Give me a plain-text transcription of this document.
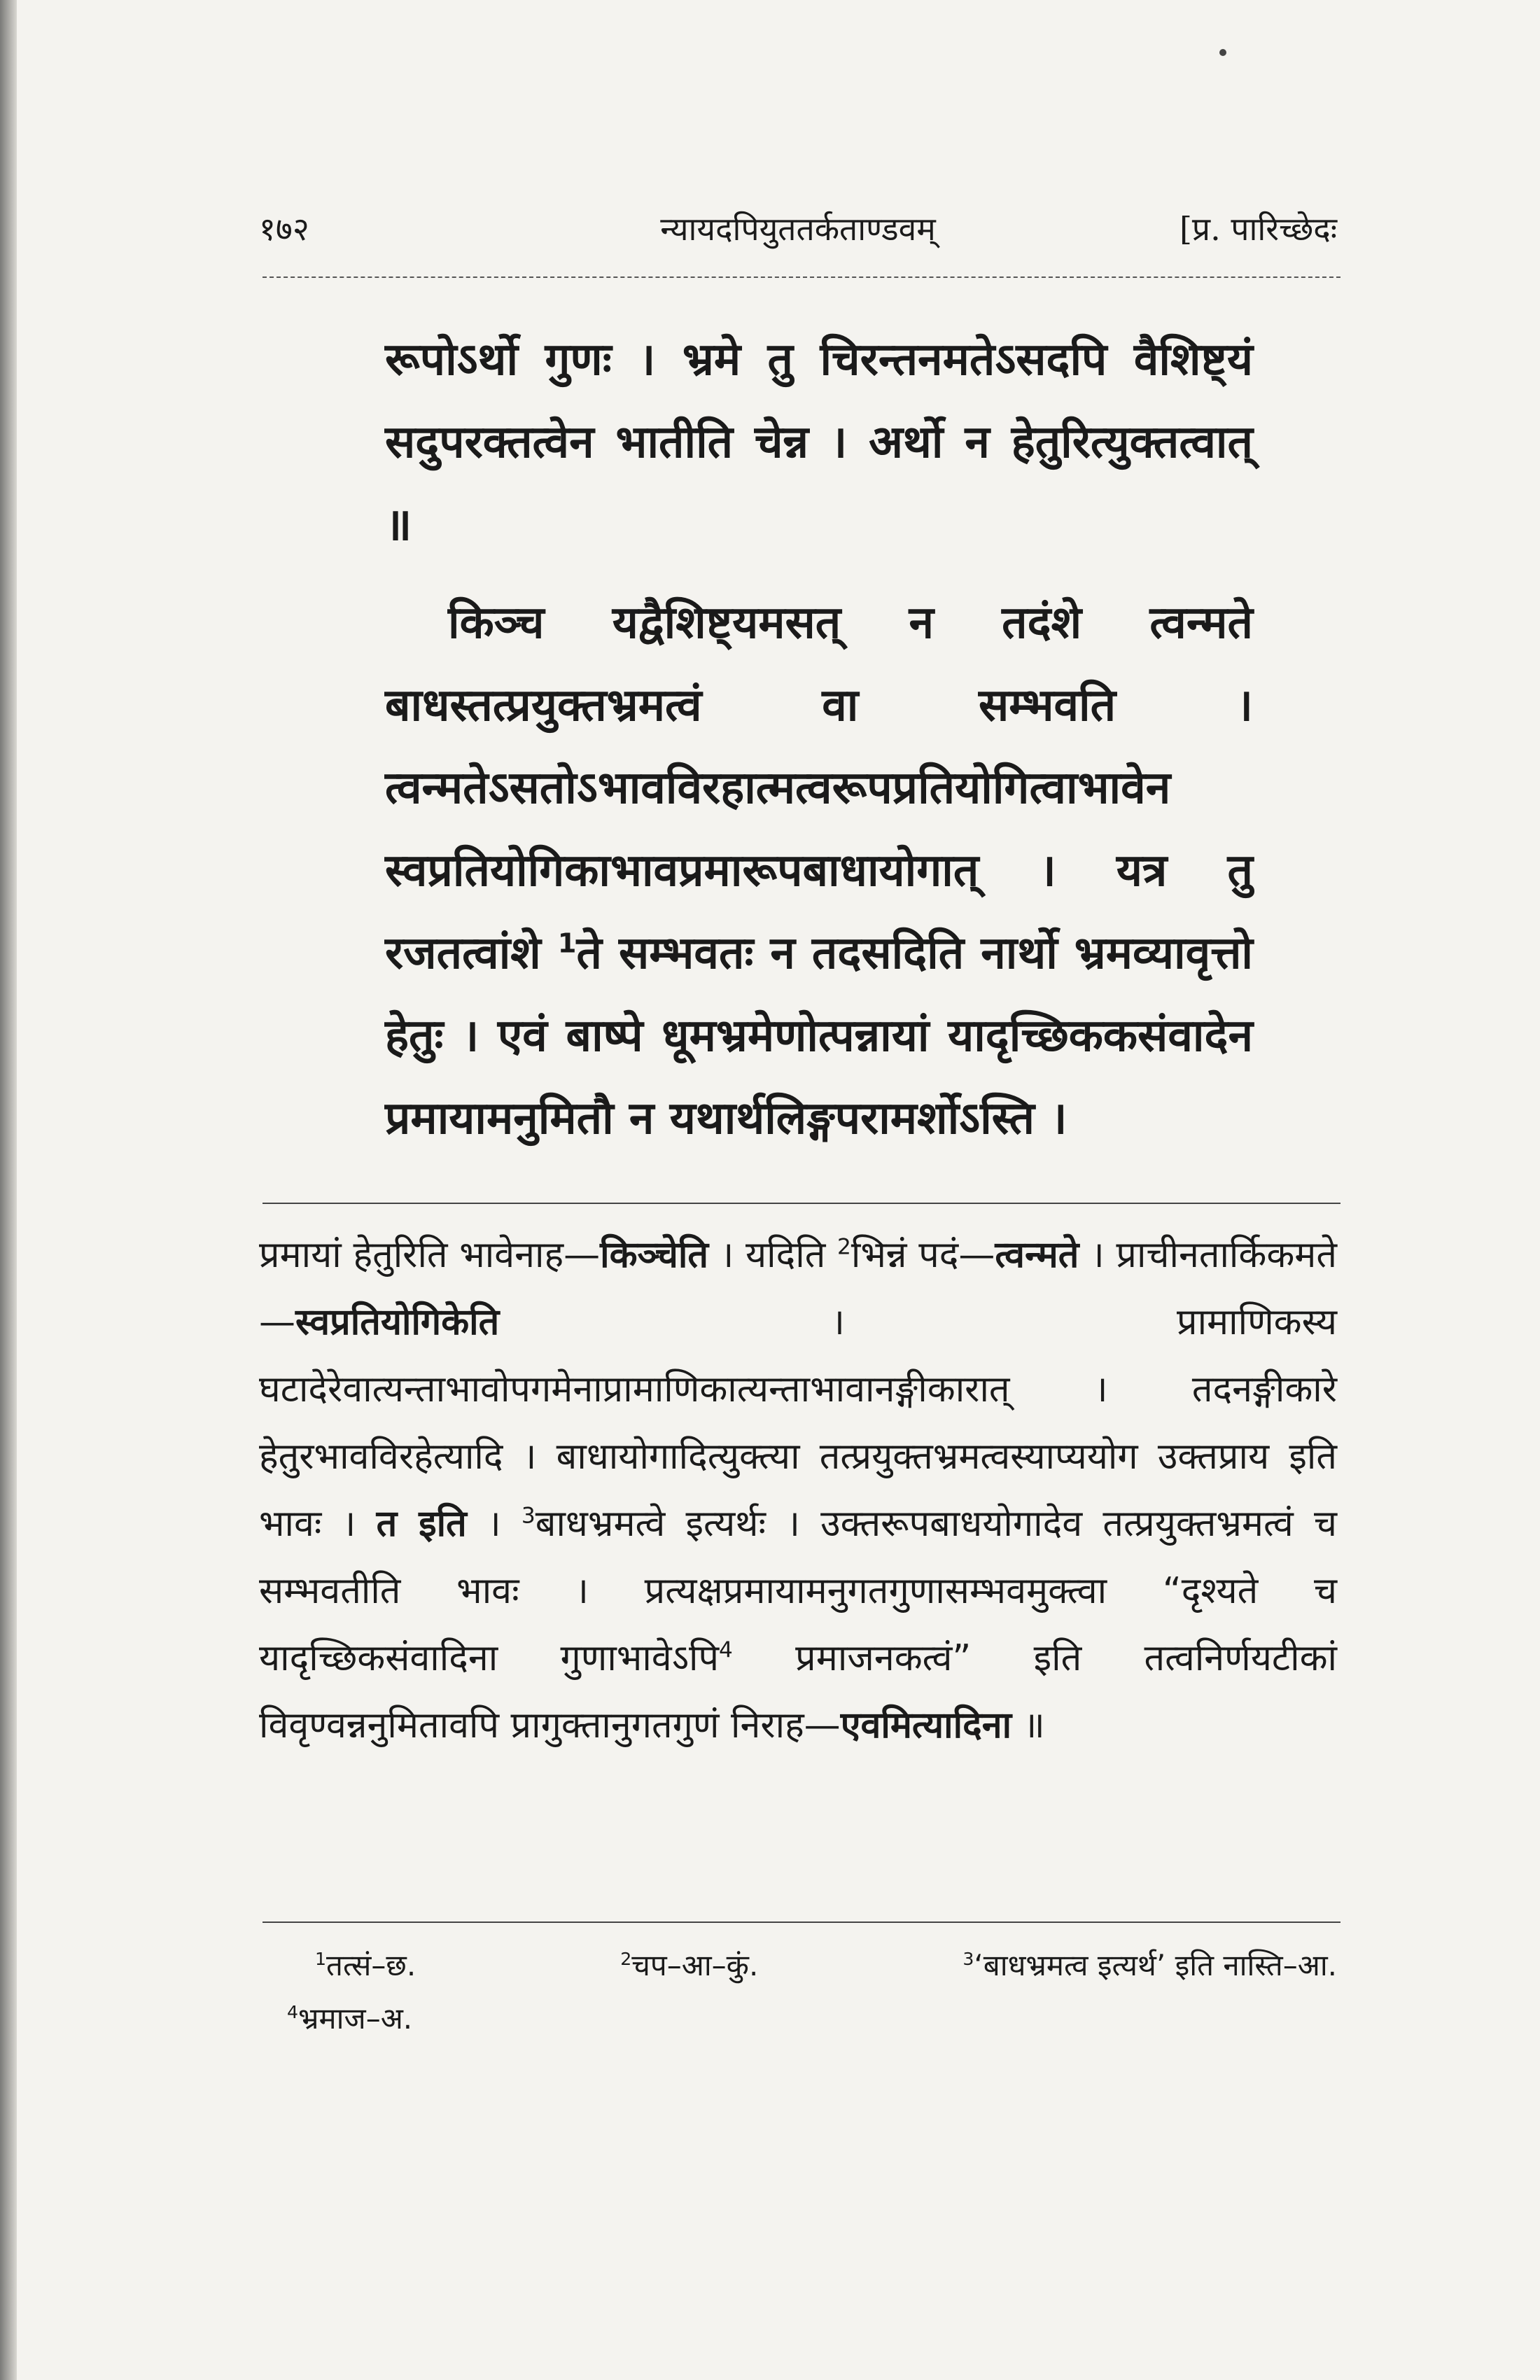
१७२	न्यायदपियुततर्कताण्डवम्	[प्र. पारिच्छेदः

रूपोऽर्थो गुणः । भ्रमे तु चिरन्तनमतेऽसदपि वैशिष्ट्यं सदुपरक्तत्वेन भातीति चेन्न । अर्थो न हेतुरित्युक्तत्वात् ॥

किञ्च यद्वैशिष्ट्यमसत् न तदंशे त्वन्मते बाधस्तत्प्रयुक्तभ्रमत्वं वा सम्भवति । त्वन्मतेऽसतोऽभावविरहात्मत्वरूपप्रतियोगित्वाभावेन स्वप्रतियोगिकाभावप्रमारूपबाधायोगात् । यत्र तु रजतत्वांशे $^1$ते सम्भवतः न तदसदिति नार्थो भ्रमव्यावृत्तो हेतुः । एवं बाष्पे धूमभ्रमेणोत्पन्नायां यादृच्छिककसंवादेन प्रमायामनुमितौ न यथार्थलिङ्गपरामर्शोऽस्ति ।

प्रमायां हेतुरिति भावेनाह—किञ्चेति । यदिति $^2$भिन्नं पदं—त्वन्मते । प्राचीनतार्किकमते—स्वप्रतियोगिकेति । प्रामाणिकस्य घटादेरेवात्यन्ताभावोपगमेनाप्रामाणिकात्यन्ताभावानङ्गीकारात् । तदनङ्गीकारे हेतुरभावविरहेत्यादि । बाधायोगादित्युक्त्या तत्प्रयुक्तभ्रमत्वस्याप्ययोग उक्तप्राय इति भावः । त इति । $^3$बाधभ्रमत्वे इत्यर्थः । उक्तरूपबाधयोगादेव तत्प्रयुक्तभ्रमत्वं च सम्भवतीति भावः । प्रत्यक्षप्रमायामनुगतगुणासम्भवमुक्त्वा “दृश्यते च यादृच्छिकसंवादिना गुणाभावेऽपि$^4$ प्रमाजनकत्वं” इति तत्वनिर्णयटीकां विवृण्वन्ननुमितावपि प्रागुक्तानुगतगुणं निराह—एवमित्यादिना ॥

$^1$तत्सं–छ.	$^2$चप–आ–कुं.	$^3$‘बाधभ्रमत्व इत्यर्थ’ इति नास्ति–आ.
$^4$भ्रमाज–अ.
